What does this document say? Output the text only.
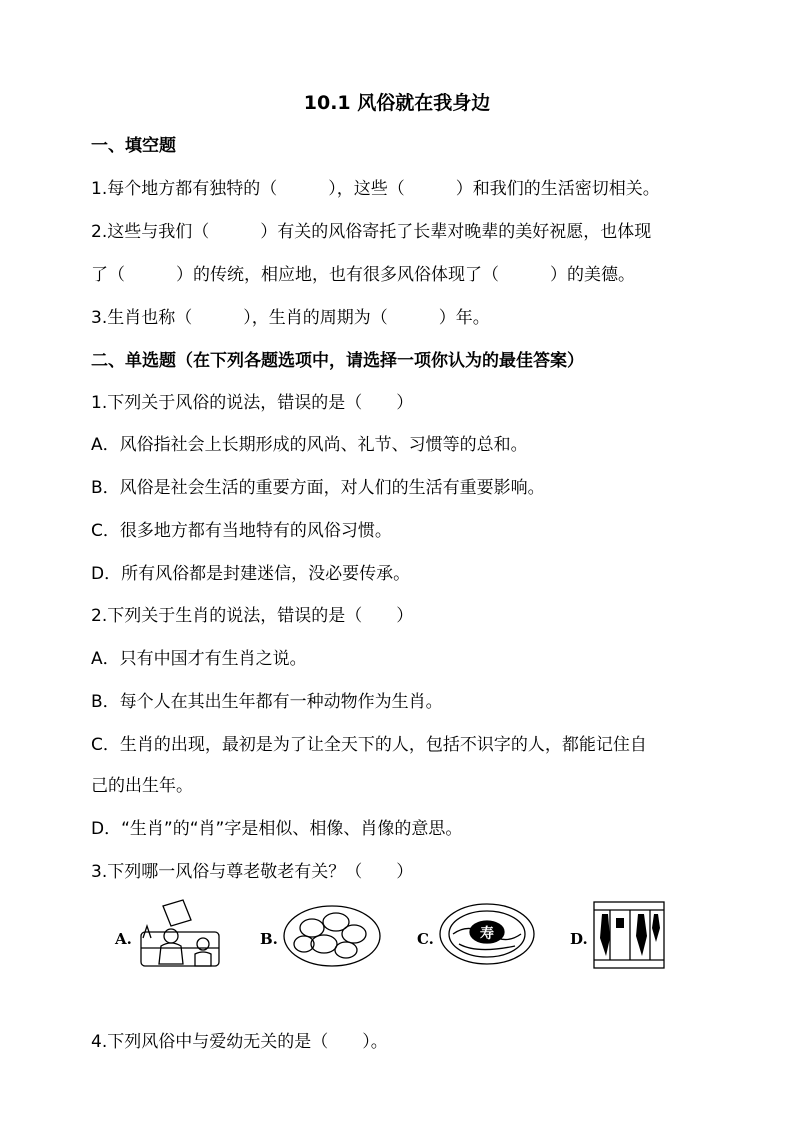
10.1 风俗就在我身边
一、填空题
1.每个地方都有独特的（　　　），这些（　　　）和我们的生活密切相关。
2.这些与我们（　　　）有关的风俗寄托了长辈对晚辈的美好祝愿，也体现
了（　　　）的传统，相应地，也有很多风俗体现了（　　　）的美德。
3.生肖也称（　　　），生肖的周期为（　　　）年。
二、单选题（在下列各题选项中，请选择一项你认为的最佳答案）
1.下列关于风俗的说法，错误的是（　　）
A．风俗指社会上长期形成的风尚、礼节、习惯等的总和。
B．风俗是社会生活的重要方面，对人们的生活有重要影响。
C．很多地方都有当地特有的风俗习惯。
D．所有风俗都是封建迷信，没必要传承。
2.下列关于生肖的说法，错误的是（　　）
A．只有中国才有生肖之说。
B．每个人在其出生年都有一种动物作为生肖。
C．生肖的出现，最初是为了让全天下的人，包括不识字的人，都能记住自
己的出生年。
D．“生肖”的“肖”字是相似、相像、肖像的意思。
3.下列哪一风俗与尊老敬老有关？（　　）
A.	B.	C.	寿	D.
4.下列风俗中与爱幼无关的是（　　）。
